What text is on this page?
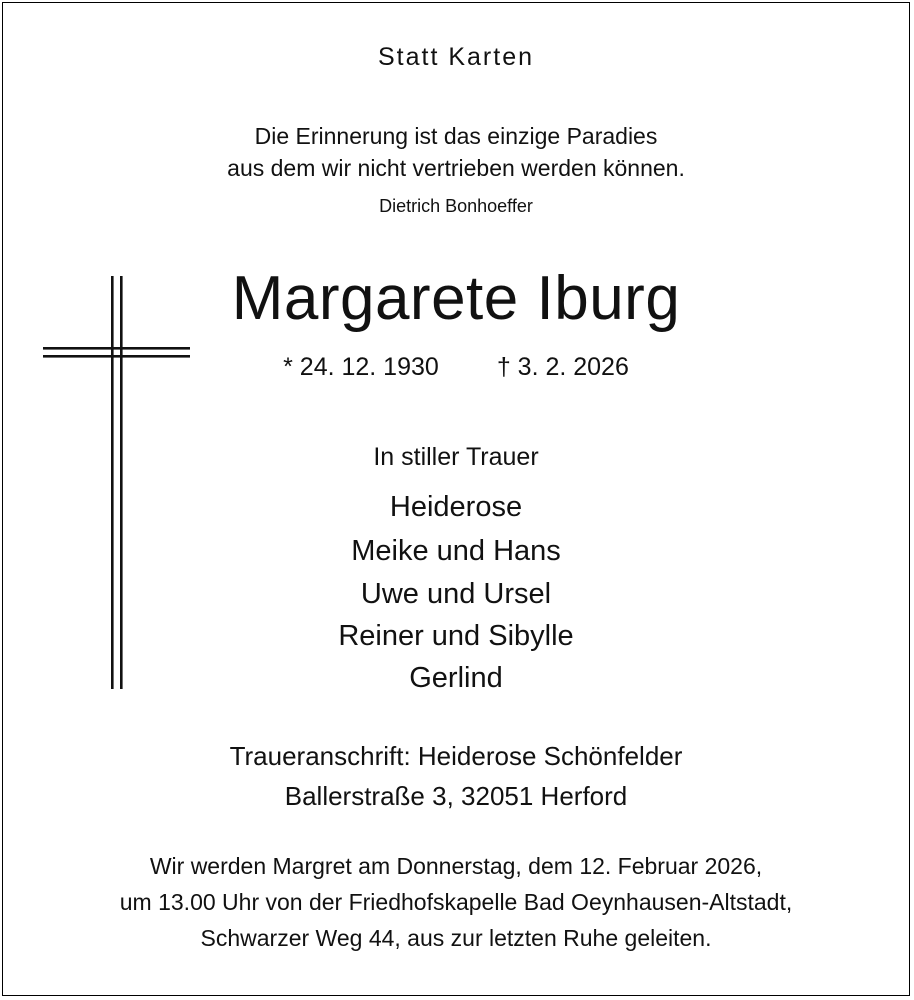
Statt Karten
Die Erinnerung ist das einzige Paradies
aus dem wir nicht vertrieben werden können.
Dietrich Bonhoeffer
Margarete Iburg
* 24. 12. 1930 † 3. 2. 2026
In stiller Trauer
Heiderose
Meike und Hans
Uwe und Ursel
Reiner und Sibylle
Gerlind
Traueranschrift: Heiderose Schönfelder
Ballerstraße 3, 32051 Herford
Wir werden Margret am Donnerstag, dem 12. Februar 2026,
um 13.00 Uhr von der Friedhofskapelle Bad Oeynhausen-Altstadt,
Schwarzer Weg 44, aus zur letzten Ruhe geleiten.
